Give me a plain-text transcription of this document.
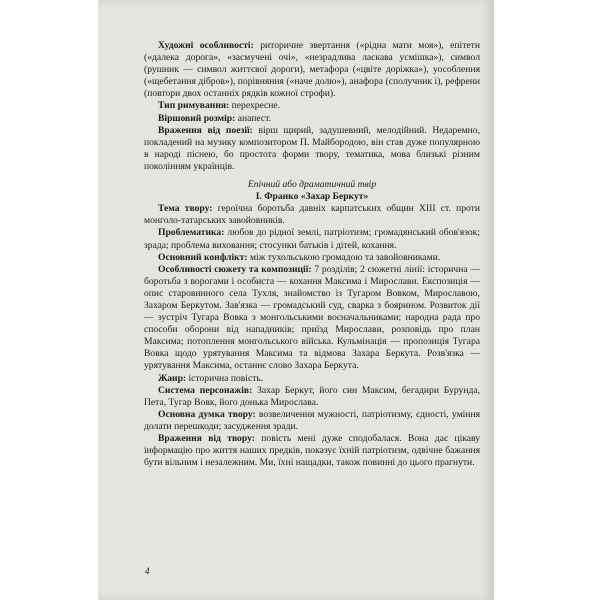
Художні особливості: риторичне звертання («рідна мати моя»), епітети («далека дорога», «засмучені очі», «незрадлива ласкава усмішка»), символ (рушник — символ життєвої дороги), метафора («цвіте доріжка»), уособлення («щебетання дібров»), порівняння («наче долю»), анафора (сполучник і), рефрени (повтори двох останніх рядків кожної строфи).

Тип римування: перехресне.

Віршовий розмір: анапест.

Враження від поезії: вірш щирий, задушевний, мелодійний. Недаремно, покладений на музику композитором П. Майбородою, він став дуже популярною в народі піснею, бо простота форми твору, тематика, мова близькі різним поколінням українців.

Епічний або драматичний твір

І. Франко «Захар Беркут»

Тема твору: героїчна боротьба давніх карпатських общин XIII ст. проти монголо-татарських завойовників.

Проблематика: любов до рідної землі, патріотизм; громадянський обов'язок; зрада; проблема виховання; стосунки батьків і дітей, кохання.

Основний конфлікт: між тухольською громадою та завойовниками.

Особливості сюжету та композиції: 7 розділів; 2 сюжетні лінії: історична — боротьба з ворогами і особиста — кохання Максима і Мирослави. Експозиція — опис старовинного села Тухля, знайомство із Тугаром Вовком, Мирославою, Захаром Беркутом. Зав'язка — громадський суд, сварка з боярином. Розвиток дії — зустріч Тугара Вовка з монгольськими воєначальниками; народна рада про способи оборони від нападників; приїзд Мирослави, розповідь про план Максима; потоплення монгольського війська. Кульмінація — пропозиція Тугара Вовка щодо урятування Максима та відмова Захара Беркута. Розв'язка — урятування Максима, останнє слово Захара Беркута.

Жанр: історична повість.

Система персонажів: Захар Беркут, його син Максим, бегадири Бурунда, Пета, Тугар Вовк, його донька Мирослава.

Основна думка твору: возвеличення мужності, патріотизму, єдності, уміння долати перешкоди; засудження зради.

Враження від твору: повість мені дуже сподобалася. Вона дає цікаву інформацію про життя наших предків, показує їхній патріотизм, одвічне бажання бути вільним і незалежним. Ми, їхні нащадки, також повинні до цього прагнути.

4
